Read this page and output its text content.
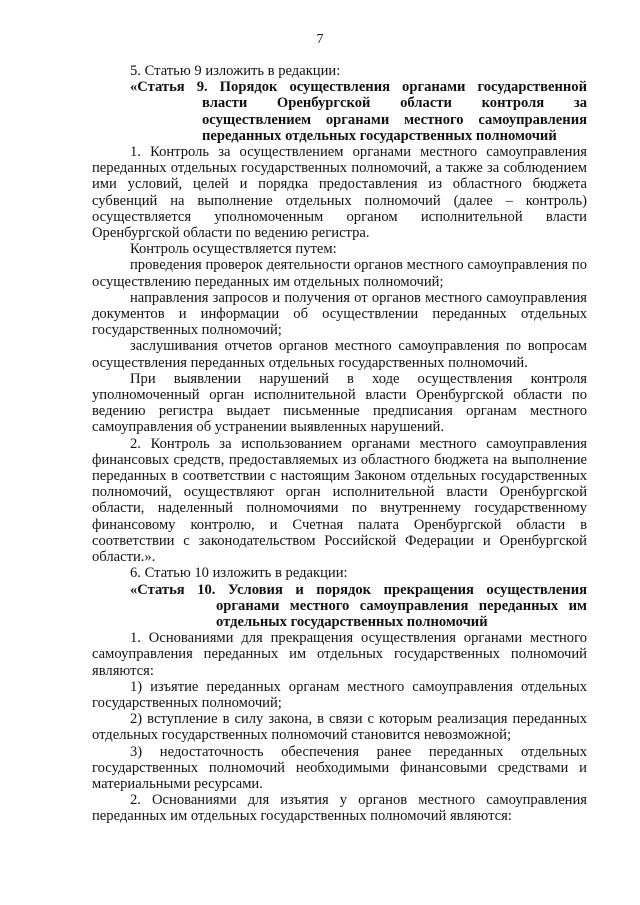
7

5. Статью 9 изложить в редакции:

«Статья 9. Порядок осуществления органами государственной власти Оренбургской области контроля за осуществлением органами местного самоуправления переданных отдельных государственных полномочий

1. Контроль за осуществлением органами местного самоуправления переданных отдельных государственных полномочий, а также за соблюдением ими условий, целей и порядка предоставления из областного бюджета субвенций на выполнение отдельных полномочий (далее – контроль) осуществляется уполномоченным органом исполнительной власти Оренбургской области по ведению регистра.

Контроль осуществляется путем:

проведения проверок деятельности органов местного самоуправления по осуществлению переданных им отдельных полномочий;

направления запросов и получения от органов местного самоуправления документов и информации об осуществлении переданных отдельных государственных полномочий;

заслушивания отчетов органов местного самоуправления по вопросам осуществления переданных отдельных государственных полномочий.

При выявлении нарушений в ходе осуществления контроля уполномоченный орган исполнительной власти Оренбургской области по ведению регистра выдает письменные предписания органам местного самоуправления об устранении выявленных нарушений.

2. Контроль за использованием органами местного самоуправления финансовых средств, предоставляемых из областного бюджета на выполнение переданных в соответствии с настоящим Законом отдельных государственных полномочий, осуществляют орган исполнительной власти Оренбургской области, наделенный полномочиями по внутреннему государственному финансовому контролю, и Счетная палата Оренбургской области в соответствии с законодательством Российской Федерации и Оренбургской области.».

6. Статью 10 изложить в редакции:

«Статья 10. Условия и порядок прекращения осуществления органами местного самоуправления переданных им отдельных государственных полномочий

1. Основаниями для прекращения осуществления органами местного самоуправления переданных им отдельных государственных полномочий являются:

1) изъятие переданных органам местного самоуправления отдельных государственных полномочий;

2) вступление в силу закона, в связи с которым реализация переданных отдельных государственных полномочий становится невозможной;

3) недостаточность обеспечения ранее переданных отдельных государственных полномочий необходимыми финансовыми средствами и материальными ресурсами.

2. Основаниями для изъятия у органов местного самоуправления переданных им отдельных государственных полномочий являются:
